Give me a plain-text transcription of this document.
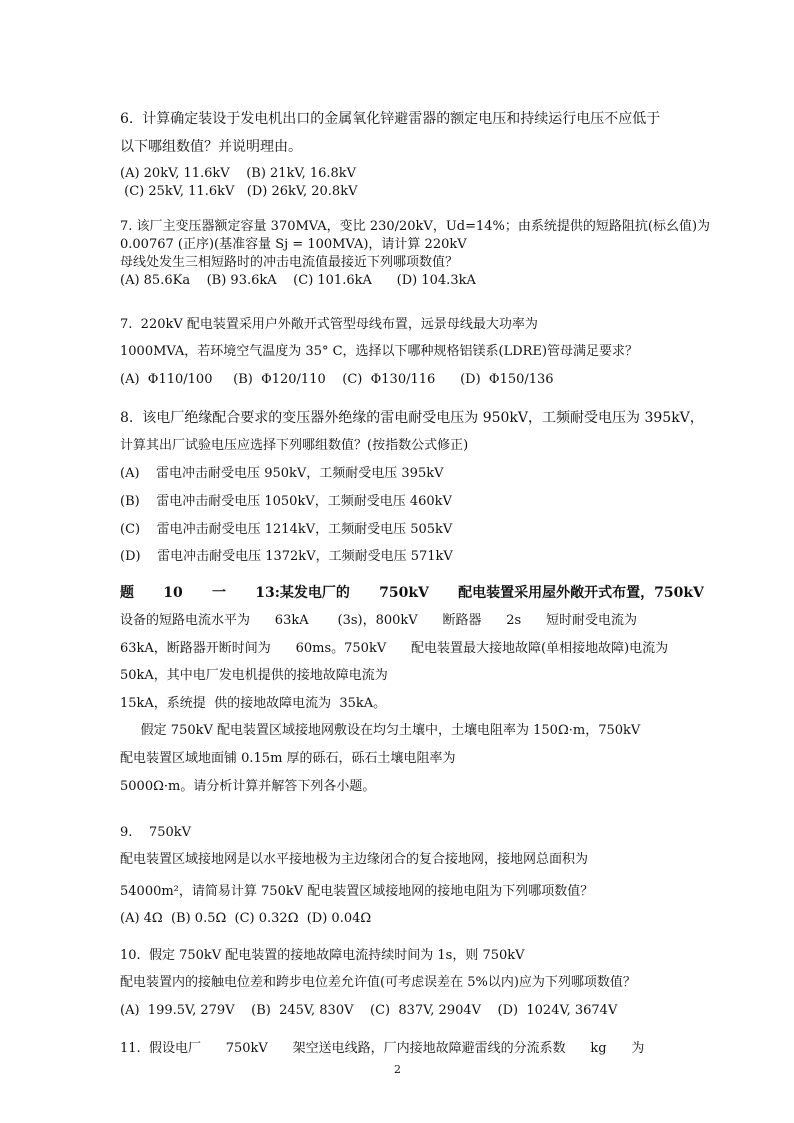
6.  计算确定装设于发电机出口的金属氧化锌避雷器的额定电压和持续运行电压不应低于
以下哪组数值？并说明理由。
(A) 20kV, 11.6kV    (B) 21kV, 16.8kV
(C) 25kV, 11.6kV   (D) 26kV, 20.8kV
7. 该厂主变压器额定容量 370MVA，变比 230/20kV，Ud=14%；由系统提供的短路阻抗(标幺值)为
0.00767 (正序)(基准容量 Sj = 100MVA)，请计算 220kV
母线处发生三相短路时的冲击电流值最接近下列哪项数值？
(A) 85.6Ka    (B) 93.6kA    (C) 101.6kA      (D) 104.3kA
7.  220kV 配电装置采用户外敞开式管型母线布置，远景母线最大功率为
1000MVA，若环境空气温度为 35° C，选择以下哪种规格铝镁系(LDRE)管母满足要求？
(A)  Φ110/100     (B)  Φ120/110    (C)  Φ130/116      (D)  Φ150/136
8.  该电厂绝缘配合要求的变压器外绝缘的雷电耐受电压为 950kV，工频耐受电压为 395kV，
计算其出厂试验电压应选择下列哪组数值？(按指数公式修正)
(A)    雷电冲击耐受电压 950kV，工频耐受电压 395kV
(B)    雷电冲击耐受电压 1050kV，工频耐受电压 460kV
(C)    雷电冲击耐受电压 1214kV，工频耐受电压 505kV
(D)    雷电冲击耐受电压 1372kV，工频耐受电压 571kV
题      10      一      13:某发电厂的      750kV      配电装置采用屋外敞开式布置，750kV
设备的短路电流水平为      63kA       (3s)，800kV      断路器      2s      短时耐受电流为
63kA，断路器开断时间为      60ms。750kV      配电装置最大接地故障(单相接地故障)电流为
50kA，其中电厂发电机提供的接地故障电流为
15kA，系统提  供的接地故障电流为  35kA。
假定 750kV 配电装置区域接地网敷设在均匀土壤中，土壤电阻率为 150Ω·m，750kV
配电装置区域地面铺 0.15m 厚的砾石，砾石土壤电阻率为
5000Ω·m。请分析计算并解答下列各小题。
9.    750kV
配电装置区域接地网是以水平接地极为主边缘闭合的复合接地网，接地网总面积为
54000m²，请简易计算 750kV 配电装置区域接地网的接地电阻为下列哪项数值？
(A) 4Ω  (B) 0.5Ω  (C) 0.32Ω  (D) 0.04Ω
10.  假定 750kV 配电装置的接地故障电流持续时间为 1s，则 750kV
配电装置内的接触电位差和跨步电位差允许值(可考虑误差在 5%以内)应为下列哪项数值？
(A)  199.5V, 279V    (B)  245V, 830V    (C)  837V, 2904V    (D)  1024V, 3674V
11.  假设电厂      750kV      架空送电线路，厂内接地故障避雷线的分流系数      kg      为
2
